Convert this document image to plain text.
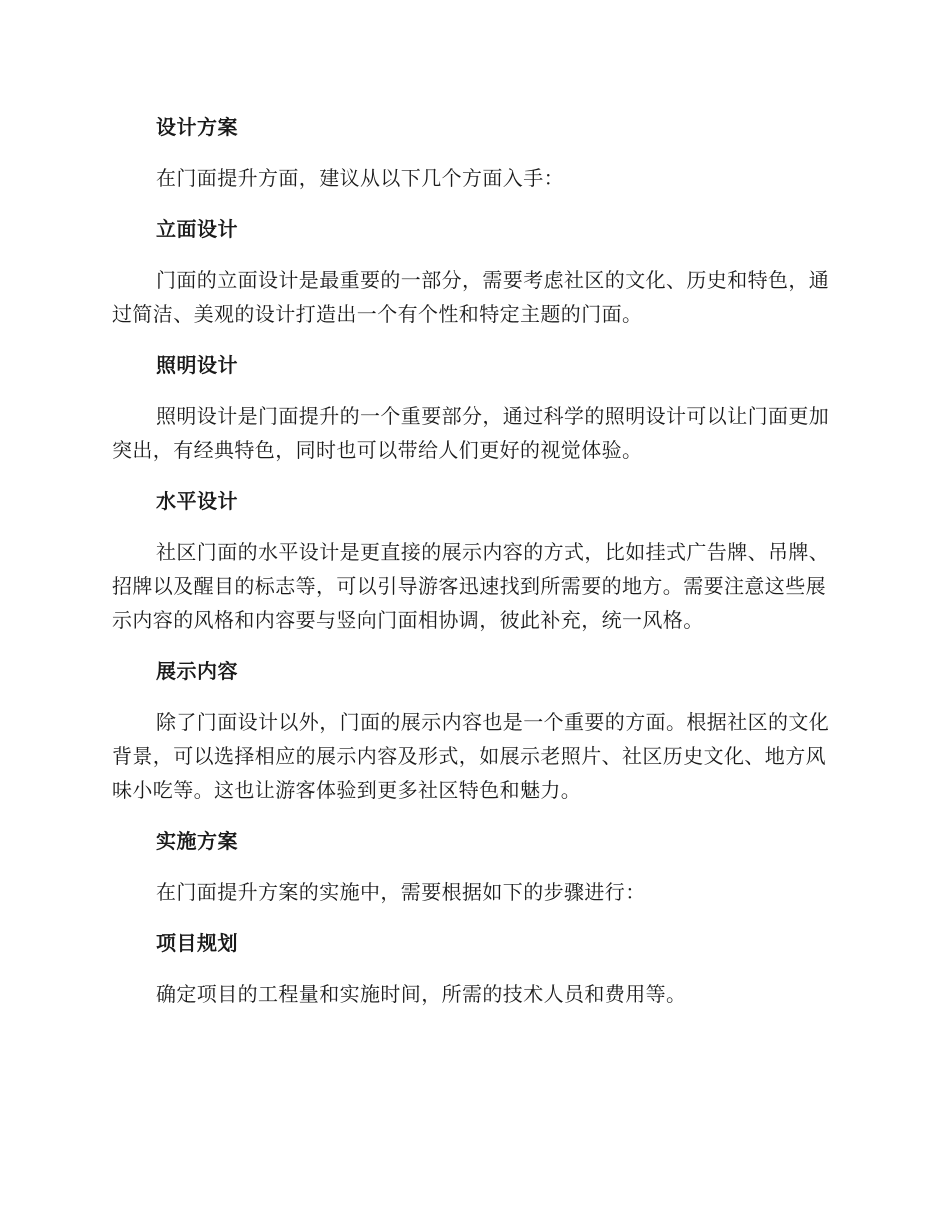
设计方案

在门面提升方面，建议从以下几个方面入手：

立面设计

门面的立面设计是最重要的一部分，需要考虑社区的文化、历史和特色，通过简洁、美观的设计打造出一个有个性和特定主题的门面。

照明设计

照明设计是门面提升的一个重要部分，通过科学的照明设计可以让门面更加突出，有经典特色，同时也可以带给人们更好的视觉体验。

水平设计

社区门面的水平设计是更直接的展示内容的方式，比如挂式广告牌、吊牌、招牌以及醒目的标志等，可以引导游客迅速找到所需要的地方。需要注意这些展示内容的风格和内容要与竖向门面相协调，彼此补充，统一风格。

展示内容

除了门面设计以外，门面的展示内容也是一个重要的方面。根据社区的文化背景，可以选择相应的展示内容及形式，如展示老照片、社区历史文化、地方风味小吃等。这也让游客体验到更多社区特色和魅力。

实施方案

在门面提升方案的实施中，需要根据如下的步骤进行：

项目规划

确定项目的工程量和实施时间，所需的技术人员和费用等。
